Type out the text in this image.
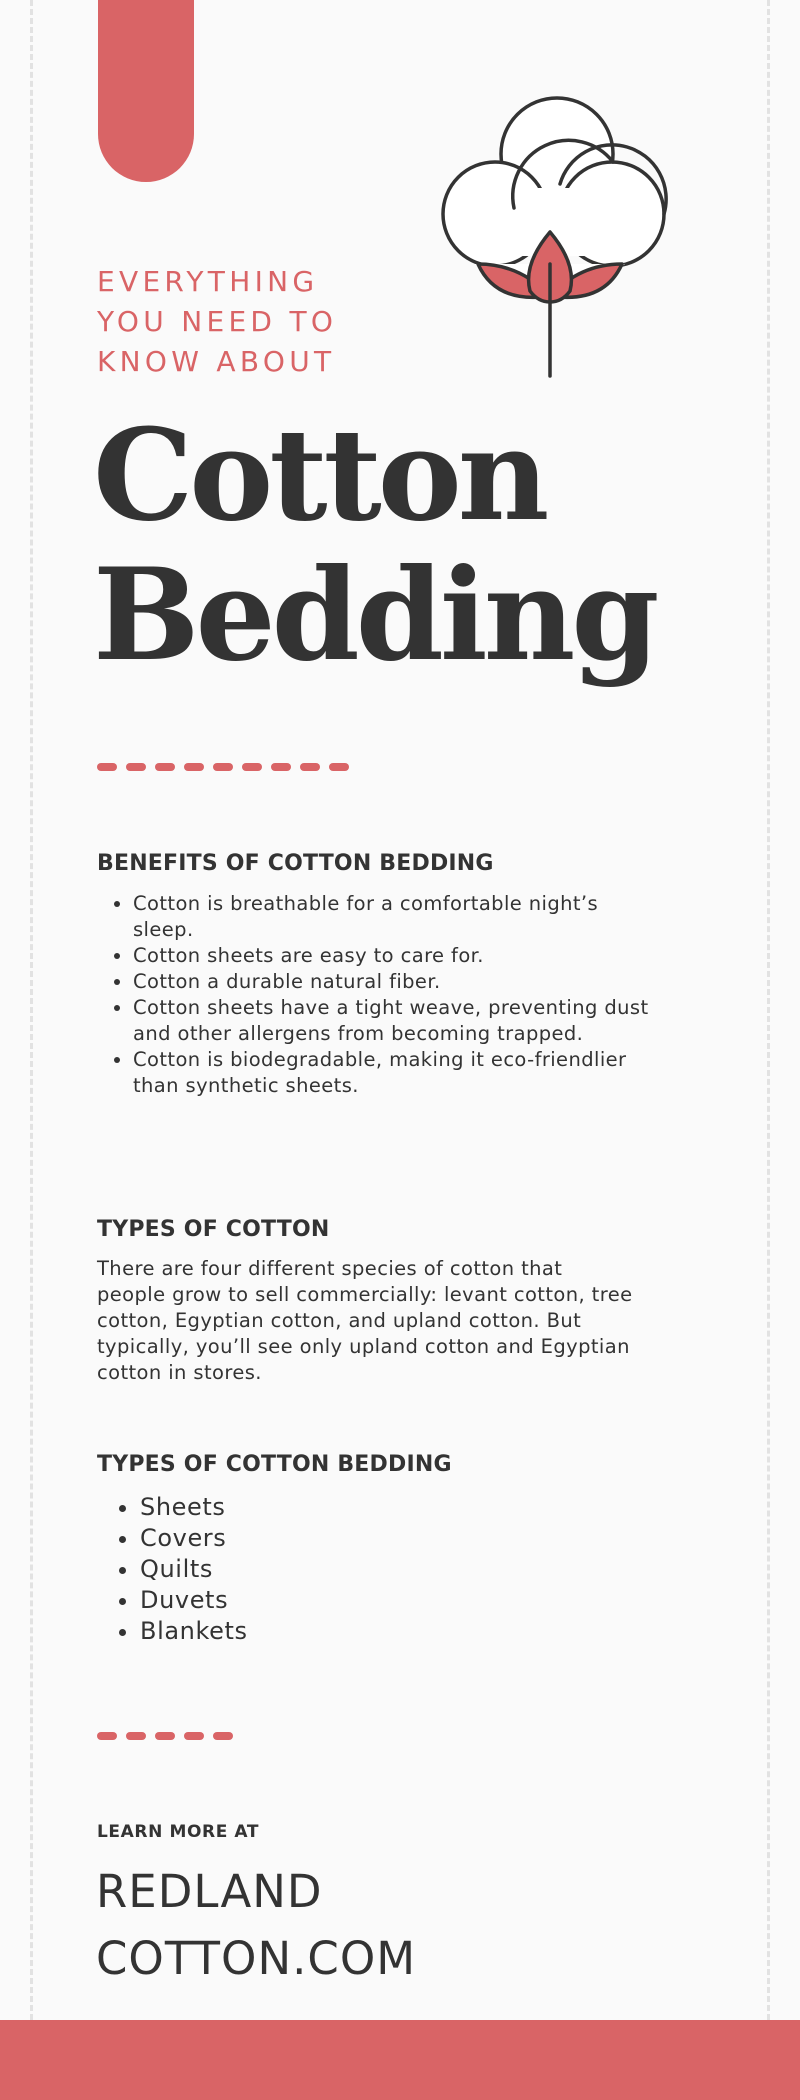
EVERYTHING
YOU NEED TO
KNOW ABOUT
Cotton
Bedding
BENEFITS OF COTTON BEDDING
• Cotton is breathable for a comfortable night’s sleep.
• Cotton sheets are easy to care for.
• Cotton a durable natural fiber.
• Cotton sheets have a tight weave, preventing dust and other allergens from becoming trapped.
• Cotton is biodegradable, making it eco-friendlier than synthetic sheets.
TYPES OF COTTON

There are four different species of cotton that people grow to sell commercially: levant cotton, tree cotton, Egyptian cotton, and upland cotton. But typically, you’ll see only upland cotton and Egyptian cotton in stores.

TYPES OF COTTON BEDDING
• Sheets
• Covers
• Quilts
• Duvets
• Blankets

LEARN MORE AT

REDLAND
COTTON.COM
